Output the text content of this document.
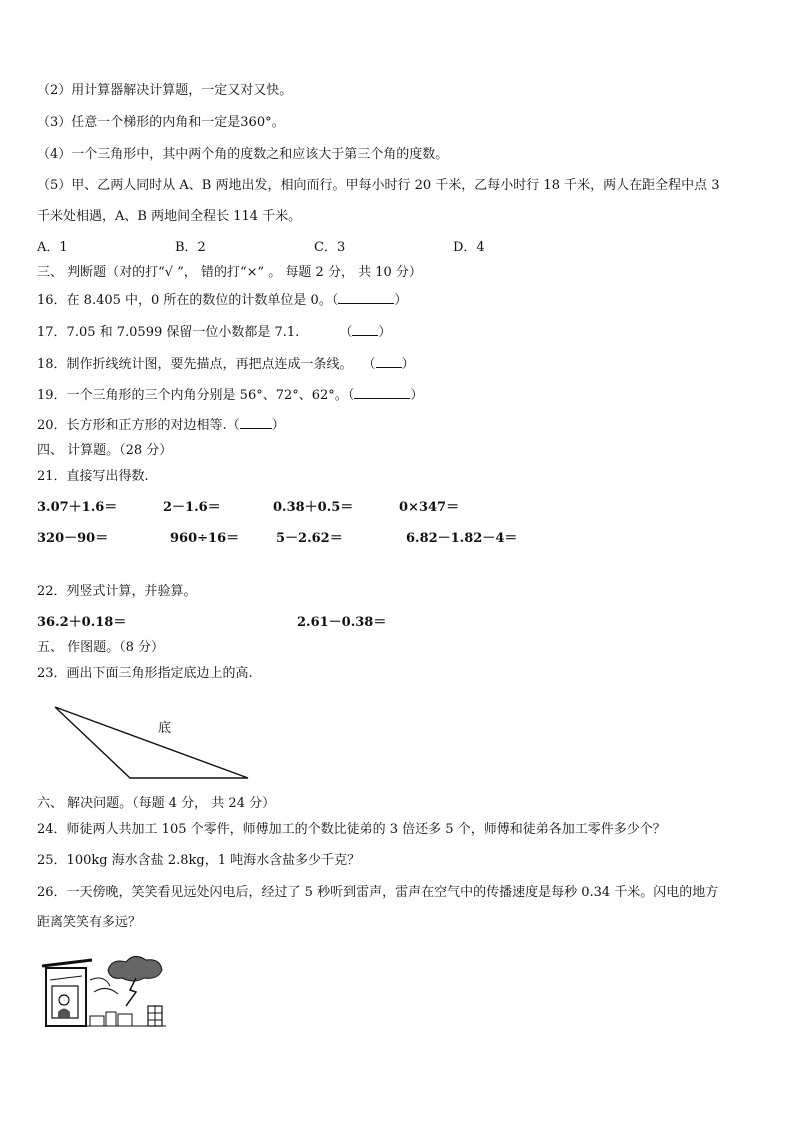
（2）用计算器解决计算题，一定又对又快。
（3）任意一个梯形的内角和一定是360°。
（4）一个三角形中，其中两个角的度数之和应该大于第三个角的度数。
（5）甲、乙两人同时从 A、B 两地出发，相向而行。甲每小时行 20 千米，乙每小时行 18 千米，两人在距全程中点 3
千米处相遇，A、B 两地间全程长 114 千米。
A．1	B．2	C．3	D．4
三、 判断题（对的打“√ ”， 错的打“×” 。 每题 2 分， 共 10 分）
16．在 8.405 中，0 所在的数位的计数单位是 0。（	）
17．7.05 和 7.0599 保留一位小数都是 7.1.	（ ）
18．制作折线统计图，要先描点，再把点连成一条线。 （ ）
19．一个三角形的三个内角分别是 56°、72°、62°。（	）
20．长方形和正方形的对边相等.（ ）
四、 计算题。（28 分）
21．直接写出得数.
3.07＋1.6＝	2－1.6＝	0.38＋0.5＝	0×347＝
320－90＝	960÷16＝	5－2.62＝	6.82－1.82－4＝
22．列竖式计算，并验算。
36.2＋0.18＝	2.61－0.38＝
五、 作图题。（8 分）
23．画出下面三角形指定底边上的高.
底
六、 解决问题。（每题 4 分， 共 24 分）
24．师徒两人共加工 105 个零件，师傅加工的个数比徒弟的 3 倍还多 5 个，师傅和徒弟各加工零件多少个？
25．100kg 海水含盐 2.8kg，1 吨海水含盐多少千克？
26．一天傍晚，笑笑看见远处闪电后，经过了 5 秒听到雷声，雷声在空气中的传播速度是每秒 0.34 千米。闪电的地方
距离笑笑有多远？
